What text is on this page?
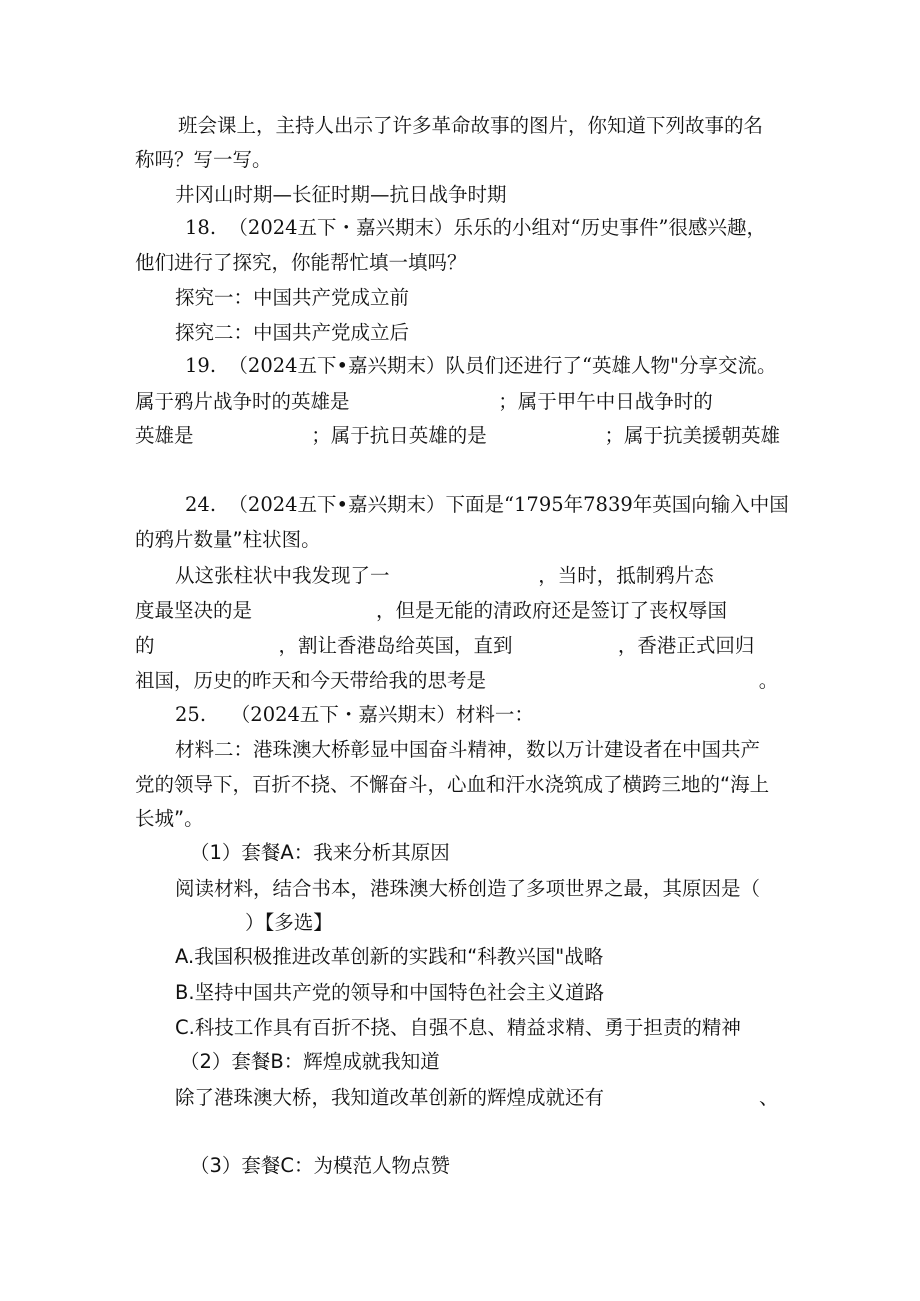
班会课上，主持人出示了许多革命故事的图片，你知道下列故事的名
称吗？写一写。
井冈山时期—长征时期—抗日战争时期
18.  （2024五下・嘉兴期末）乐乐的小组对“历史事件”很感兴趣，
他们进行了探究，你能帮忙填一填吗？
探究一：中国共产党成立前
探究二：中国共产党成立后
19.  （2024五下•嘉兴期末）队员们还进行了“英雄人物"分享交流。
属于鸦片战争时的英雄是                        ；属于甲午中日战争时的
英雄是                   ；属于抗日英雄的是                   ；属于抗美援朝英雄
24.  （2024五下•嘉兴期末）下面是“1795年7839年英国向输入中国
的鸦片数量”柱状图。
从这张柱状中我发现了一                        ，当时，抵制鸦片态
度最坚决的是                    ，但是无能的清政府还是签订了丧权辱国
的                    ，割让香港岛给英国，直到                 ，香港正式回归
祖国，历史的昨天和今天带给我的思考是                                            。
25.    （2024五下・嘉兴期末）材料一：
材料二：港珠澳大桥彰显中国奋斗精神，数以万计建设者在中国共产
党的领导下，百折不挠、不懈奋斗，心血和汗水浇筑成了横跨三地的“海上
长城”。
（1）套餐A：我来分析其原因
阅读材料，结合书本，港珠澳大桥创造了多项世界之最，其原因是（
）【多选】
A.我国积极推进改革创新的实践和“科教兴国"战略
B.坚持中国共产党的领导和中国特色社会主义道路
C.科技工作具有百折不挠、自强不息、精益求精、勇于担责的精神
（2）套餐B：辉煌成就我知道
除了港珠澳大桥，我知道改革创新的辉煌成就还有                         、
（3）套餐C：为模范人物点赞
